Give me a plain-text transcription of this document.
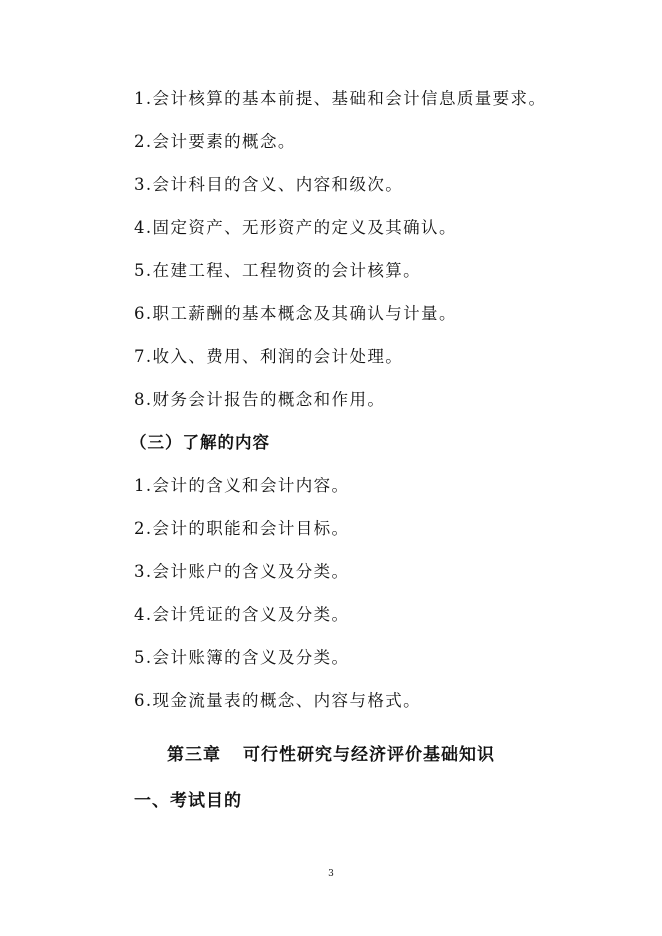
1.会计核算的基本前提、基础和会计信息质量要求。
2.会计要素的概念。
3.会计科目的含义、内容和级次。
4.固定资产、无形资产的定义及其确认。
5.在建工程、工程物资的会计核算。
6.职工薪酬的基本概念及其确认与计量。
7.收入、费用、利润的会计处理。
8.财务会计报告的概念和作用。
（三）了解的内容
1.会计的含义和会计内容。
2.会计的职能和会计目标。
3.会计账户的含义及分类。
4.会计凭证的含义及分类。
5.会计账簿的含义及分类。
6.现金流量表的概念、内容与格式。
第三章 可行性研究与经济评价基础知识
一、考试目的
3
